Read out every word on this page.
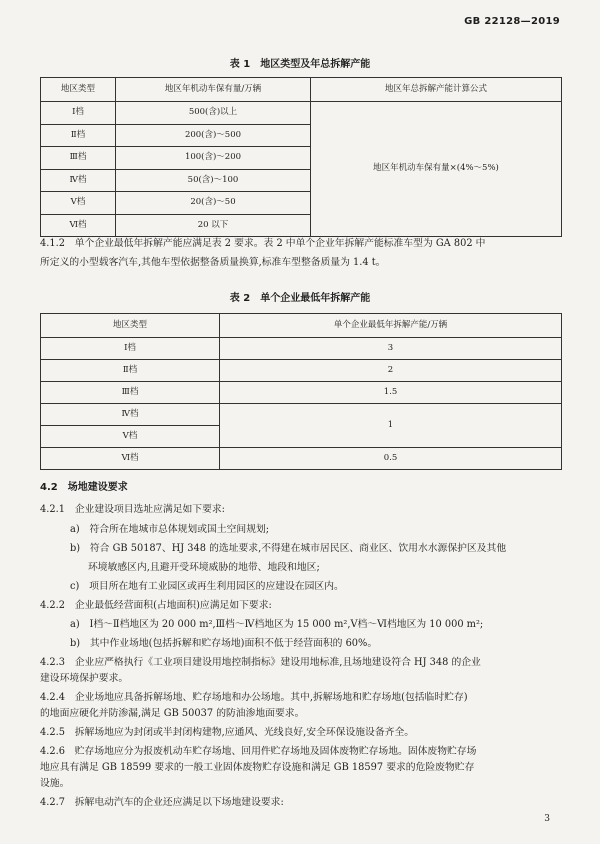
GB 22128—2019
表 1　地区类型及年总拆解产能
地区类型	地区年机动车保有量/万辆	地区年总拆解产能计算公式
Ⅰ档	500(含)以上	地区年机动车保有量×(4%～5%)
Ⅱ档	200(含)～500	
Ⅲ档	100(含)～200	
Ⅳ档	50(含)～100	
Ⅴ档	20(含)～50	
Ⅵ档	20 以下	
4.1.2　单个企业最低年拆解产能应满足表 2 要求。表 2 中单个企业年拆解产能标准车型为 GA 802 中
所定义的小型载客汽车,其他车型依据整备质量换算,标准车型整备质量为 1.4 t。
表 2　单个企业最低年拆解产能
地区类型	单个企业最低年拆解产能/万辆
Ⅰ档	3
Ⅱ档	2
Ⅲ档	1.5
Ⅳ档	1
Ⅴ档	
Ⅵ档	0.5
4.2　场地建设要求
4.2.1　企业建设项目选址应满足如下要求:
a)　符合所在地城市总体规划或国土空间规划;
b)　符合 GB 50187、HJ 348 的选址要求,不得建在城市居民区、商业区、饮用水水源保护区及其他
环境敏感区内,且避开受环境威胁的地带、地段和地区;
c)　项目所在地有工业园区或再生利用园区的应建设在园区内。
4.2.2　企业最低经营面积(占地面积)应满足如下要求:
a)　Ⅰ档～Ⅱ档地区为 20 000 m²,Ⅲ档～Ⅳ档地区为 15 000 m²,Ⅴ档～Ⅵ档地区为 10 000 m²;
b)　其中作业场地(包括拆解和贮存场地)面积不低于经营面积的 60%。
4.2.3　企业应严格执行《工业项目建设用地控制指标》建设用地标准,且场地建设符合 HJ 348 的企业
建设环境保护要求。
4.2.4　企业场地应具备拆解场地、贮存场地和办公场地。其中,拆解场地和贮存场地(包括临时贮存)
的地面应硬化并防渗漏,满足 GB 50037 的防油渗地面要求。
4.2.5　拆解场地应为封闭或半封闭构建物,应通风、光线良好,安全环保设施设备齐全。
4.2.6　贮存场地应分为报废机动车贮存场地、回用件贮存场地及固体废物贮存场地。固体废物贮存场
地应具有满足 GB 18599 要求的一般工业固体废物贮存设施和满足 GB 18597 要求的危险废物贮存
设施。
4.2.7　拆解电动汽车的企业还应满足以下场地建设要求:
3
